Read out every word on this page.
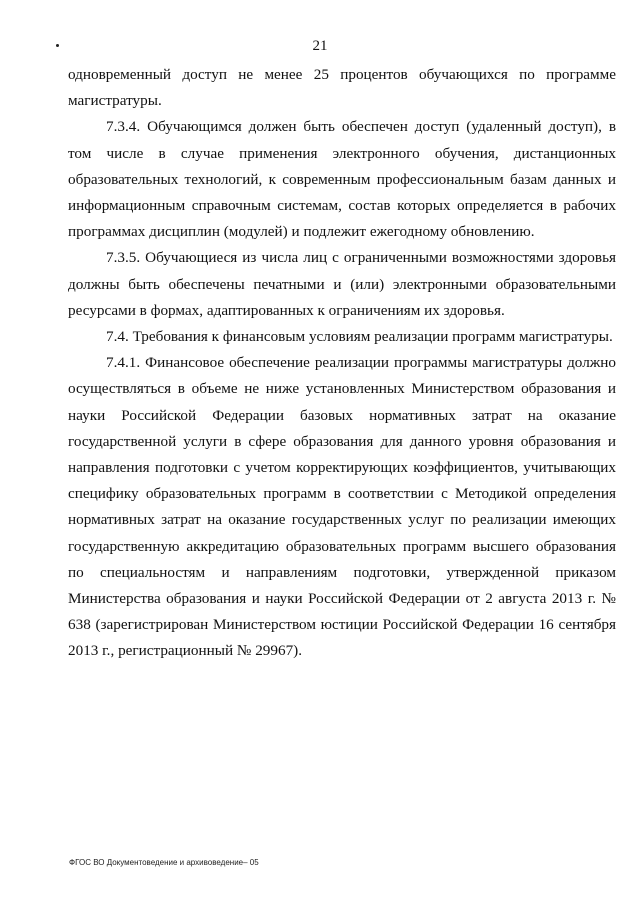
21

одновременный доступ не менее 25 процентов обучающихся по программе магистратуры.

7.3.4. Обучающимся должен быть обеспечен доступ (удаленный доступ), в том числе в случае применения электронного обучения, дистанционных образовательных технологий, к современным профессиональным базам данных и информационным справочным системам, состав которых определяется в рабочих программах дисциплин (модулей) и подлежит ежегодному обновлению.

7.3.5. Обучающиеся из числа лиц с ограниченными возможностями здоровья должны быть обеспечены печатными и (или) электронными образовательными ресурсами в формах, адаптированных к ограничениям их здоровья.

7.4. Требования к финансовым условиям реализации программ магистратуры.

7.4.1. Финансовое обеспечение реализации программы магистратуры должно осуществляться в объеме не ниже установленных Министерством образования и науки Российской Федерации базовых нормативных затрат на оказание государственной услуги в сфере образования для данного уровня образования и направления подготовки с учетом корректирующих коэффициентов, учитывающих специфику образовательных программ в соответствии с Методикой определения нормативных затрат на оказание государственных услуг по реализации имеющих государственную аккредитацию образовательных программ высшего образования по специальностям и направлениям подготовки, утвержденной приказом Министерства образования и науки Российской Федерации от 2 августа 2013 г. № 638 (зарегистрирован Министерством юстиции Российской Федерации 16 сентября 2013 г., регистрационный № 29967).

ФГОС ВО Документоведение и архивоведение– 05
